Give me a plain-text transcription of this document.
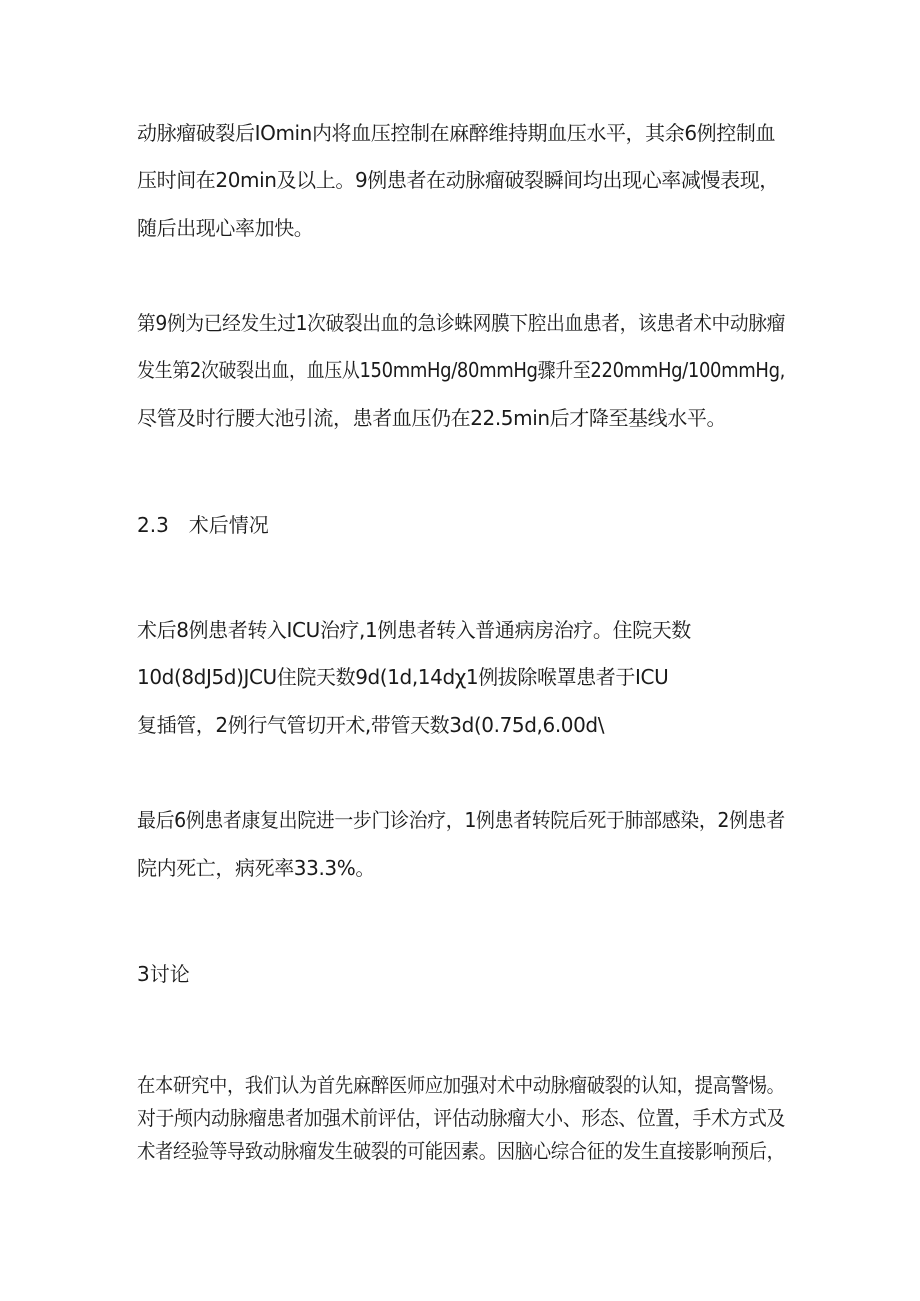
动脉瘤破裂后IOmin内将血压控制在麻醉维持期血压水平，其余6例控制血
压时间在20min及以上。9例患者在动脉瘤破裂瞬间均出现心率减慢表现，
随后出现心率加快。
第9例为已经发生过1次破裂出血的急诊蛛网膜下腔出血患者，该患者术中动脉瘤
发生第2次破裂出血，血压从150mmHg/80mmHg骤升至220mmHg/100mmHg,
尽管及时行腰大池引流，患者血压仍在22.5min后才降至基线水平。
2.3　术后情况
术后8例患者转入ICU治疗,1例患者转入普通病房治疗。住院天数
10d(8dJ5d)JCU住院天数9d(1d,14dχ1例拔除喉罩患者于ICU
复插管，2例行气管切开术,带管天数3d(0.75d,6.00d\
最后6例患者康复出院进一步门诊治疗，1例患者转院后死于肺部感染，2例患者
院内死亡，病死率33.3%。
3讨论
在本研究中，我们认为首先麻醉医师应加强对术中动脉瘤破裂的认知，提高警惕。
对于颅内动脉瘤患者加强术前评估，评估动脉瘤大小、形态、位置，手术方式及
术者经验等导致动脉瘤发生破裂的可能因素。因脑心综合征的发生直接影响预后，
